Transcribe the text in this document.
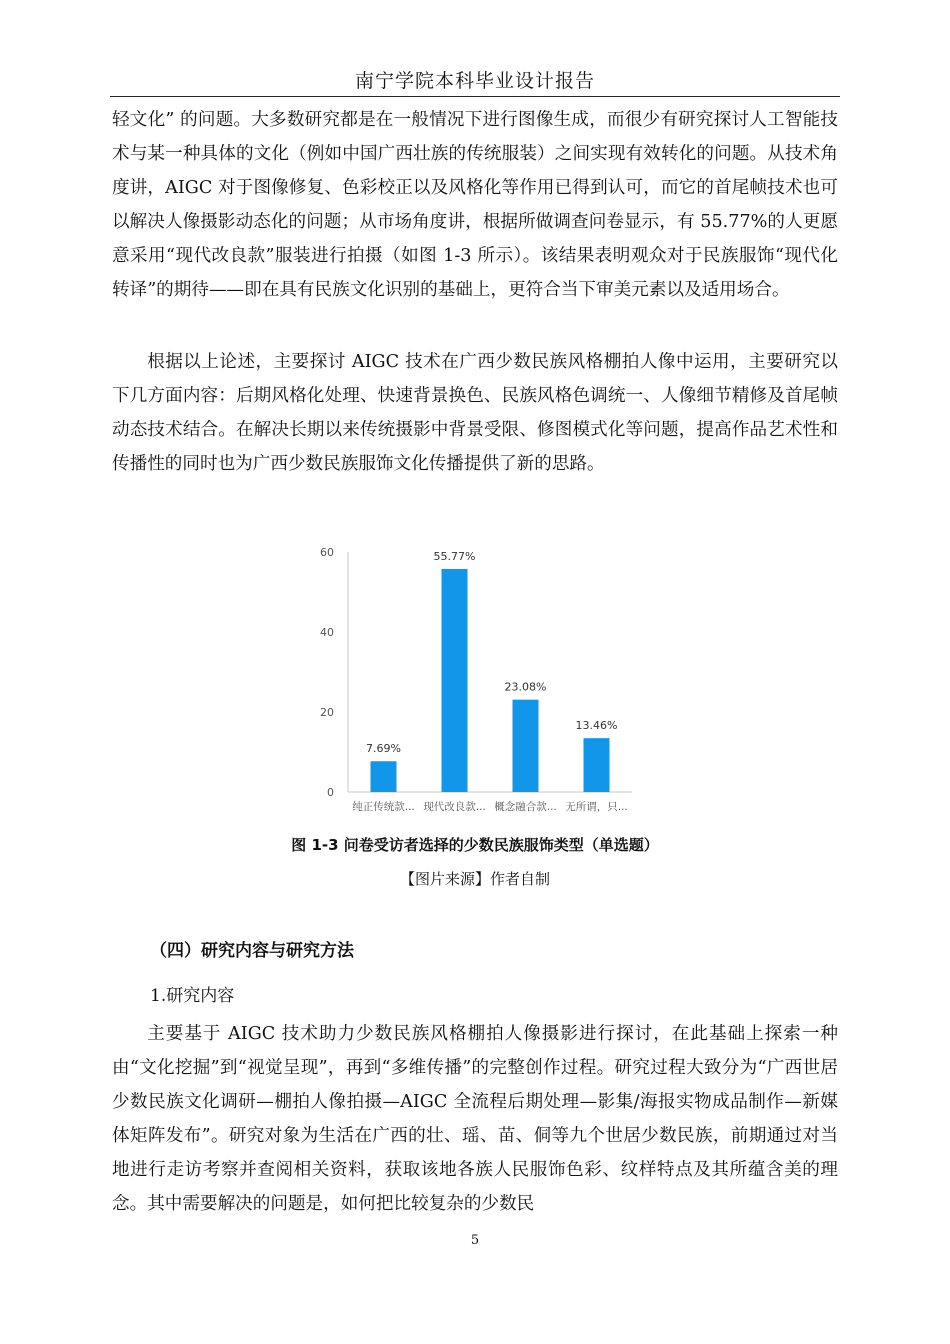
南宁学院本科毕业设计报告

轻文化” 的问题。大多数研究都是在一般情况下进行图像生成，而很少有研究探讨人工智能技术与某一种具体的文化（例如中国广西壮族的传统服装）之间实现有效转化的问题。从技术角度讲，AIGC 对于图像修复、色彩校正以及风格化等作用已得到认可，而它的首尾帧技术也可以解决人像摄影动态化的问题；从市场角度讲，根据所做调查问卷显示，有 55.77%的人更愿意采用“现代改良款”服装进行拍摄（如图 1-3 所示）。该结果表明观众对于民族服饰“现代化转译”的期待——即在具有民族文化识别的基础上，更符合当下审美元素以及适用场合。

根据以上论述，主要探讨 AIGC 技术在广西少数民族风格棚拍人像中运用，主要研究以下几方面内容：后期风格化处理、快速背景换色、民族风格色调统一、人像细节精修及首尾帧动态技术结合。在解决长期以来传统摄影中背景受限、修图模式化等问题，提高作品艺术性和传播性的同时也为广西少数民族服饰文化传播提供了新的思路。

0
20
40
60
7.69%
纯正传统款...
55.77%
现代改良款...
23.08%
概念融合款...
13.46%
无所谓，只...
图 1-3 问卷受访者选择的少数民族服饰类型（单选题）
【图片来源】作者自制
（四）研究内容与研究方法
1.研究内容

主要基于 AIGC 技术助力少数民族风格棚拍人像摄影进行探讨，在此基础上探索一种由“文化挖掘”到“视觉呈现”，再到“多维传播”的完整创作过程。研究过程大致分为“广西世居少数民族文化调研—棚拍人像拍摄—AIGC 全流程后期处理—影集/海报实物成品制作—新媒体矩阵发布”。研究对象为生活在广西的壮、瑶、苗、侗等九个世居少数民族，前期通过对当地进行走访考察并查阅相关资料，获取该地各族人民服饰色彩、纹样特点及其所蕴含美的理念。其中需要解决的问题是，如何把比较复杂的少数民

5
